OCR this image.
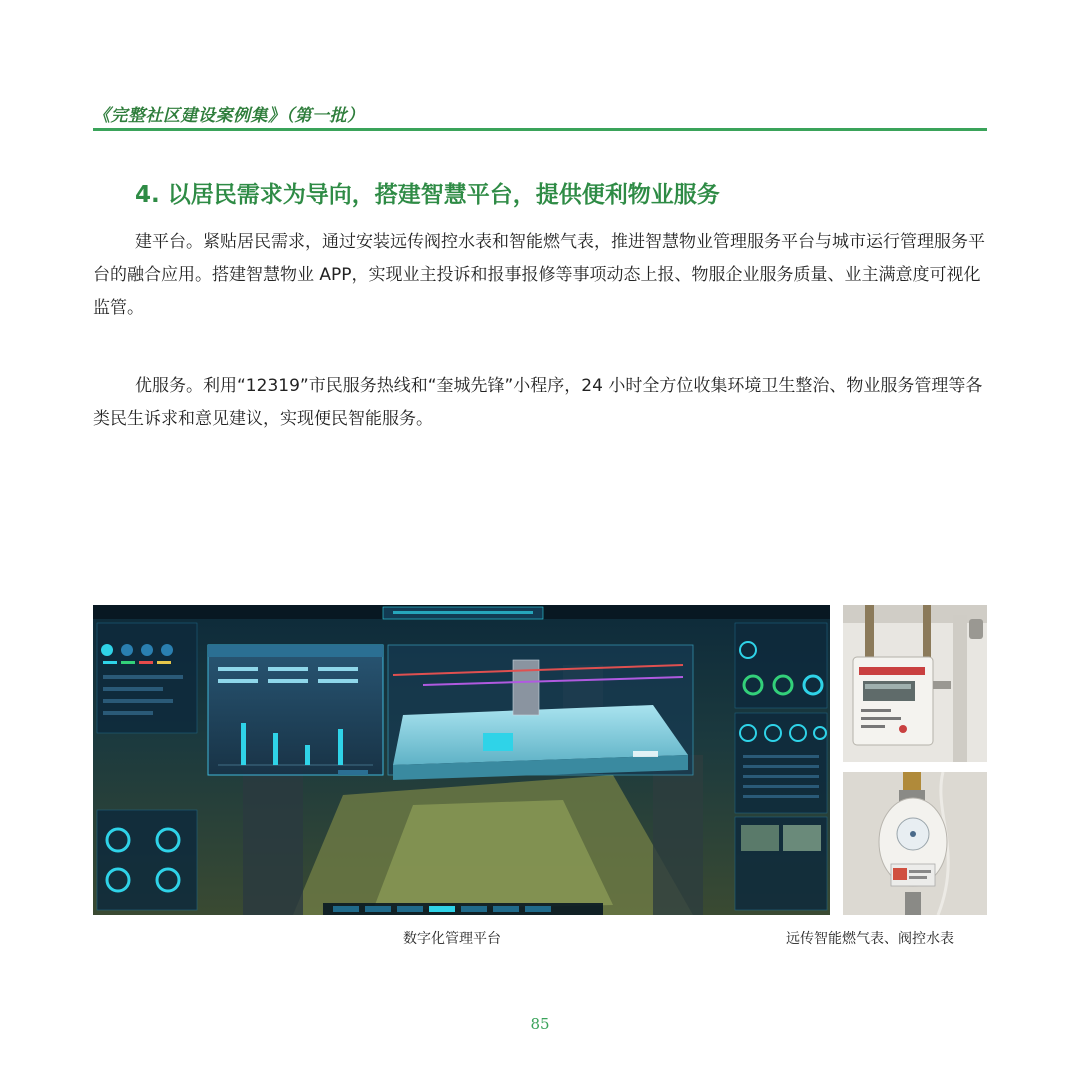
《完整社区建设案例集》（第一批）
4. 以居民需求为导向，搭建智慧平台，提供便利物业服务

建平台。紧贴居民需求，通过安装远传阀控水表和智能燃气表，推进智慧物业管理服务平台与城市运行管理服务平台的融合应用。搭建智慧物业 APP，实现业主投诉和报事报修等事项动态上报、物服企业服务质量、业主满意度可视化监管。

优服务。利用“12319”市民服务热线和“奎城先锋”小程序，24 小时全方位收集环境卫生整治、物业服务管理等各类民生诉求和意见建议，实现便民智能服务。

数字化管理平台	远传智能燃气表、阀控水表
85
